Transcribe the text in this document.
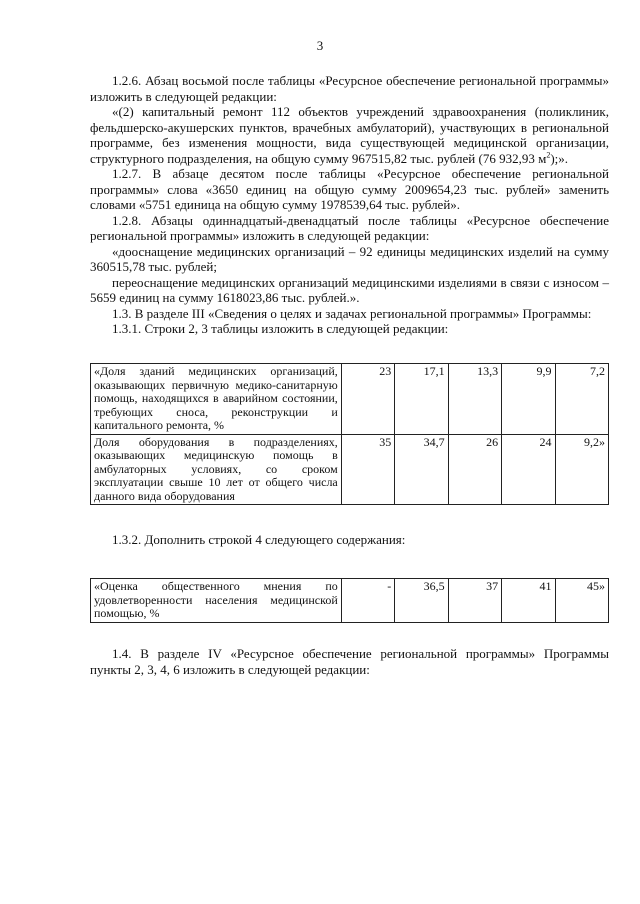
3

1.2.6. Абзац восьмой после таблицы «Ресурсное обеспечение региональной программы» изложить в следующей редакции:

«(2) капитальный ремонт 112 объектов учреждений здравоохранения (поликлиник, фельдшерско-акушерских пунктов, врачебных амбулаторий), участвующих в региональной программе, без изменения мощности, вида существующей медицинской организации, структурного подразделения, на общую сумму 967515,82 тыс. рублей (76 932,93 $м^2$);».

1.2.7. В абзаце десятом после таблицы «Ресурсное обеспечение региональной программы» слова «3650 единиц на общую сумму 2009654,23 тыс. рублей» заменить словами «5751 единица на общую сумму 1978539,64 тыс. рублей».

1.2.8. Абзацы одиннадцатый-двенадцатый после таблицы «Ресурсное обеспечение региональной программы» изложить в следующей редакции:

«дооснащение медицинских организаций – 92 единицы медицинских изделий на сумму 360515,78 тыс. рублей;

переоснащение медицинских организаций медицинскими изделиями в связи с износом – 5659 единиц на сумму 1618023,86 тыс. рублей.».

1.3. В разделе III «Сведения о целях и задачах региональной программы» Программы:

1.3.1. Строки 2, 3 таблицы изложить в следующей редакции:

«Доля зданий медицинских организаций, оказывающих первичную медико-санитарную помощь, находящихся в аварийном состоянии, требующих сноса, реконструкции и капитального ремонта, %	23	17,1	13,3	9,9	7,2
Доля оборудования в подразделениях, оказывающих медицинскую помощь в амбулаторных условиях, со сроком эксплуатации свыше 10 лет от общего числа данного вида оборудования	35	34,7	26	24	9,2»

1.3.2. Дополнить строкой 4 следующего содержания:

«Оценка общественного мнения по удовлетворенности населения медицинской помощью, %	-	36,5	37	41	45»

1.4. В разделе IV «Ресурсное обеспечение региональной программы» Программы пункты 2, 3, 4, 6 изложить в следующей редакции:
